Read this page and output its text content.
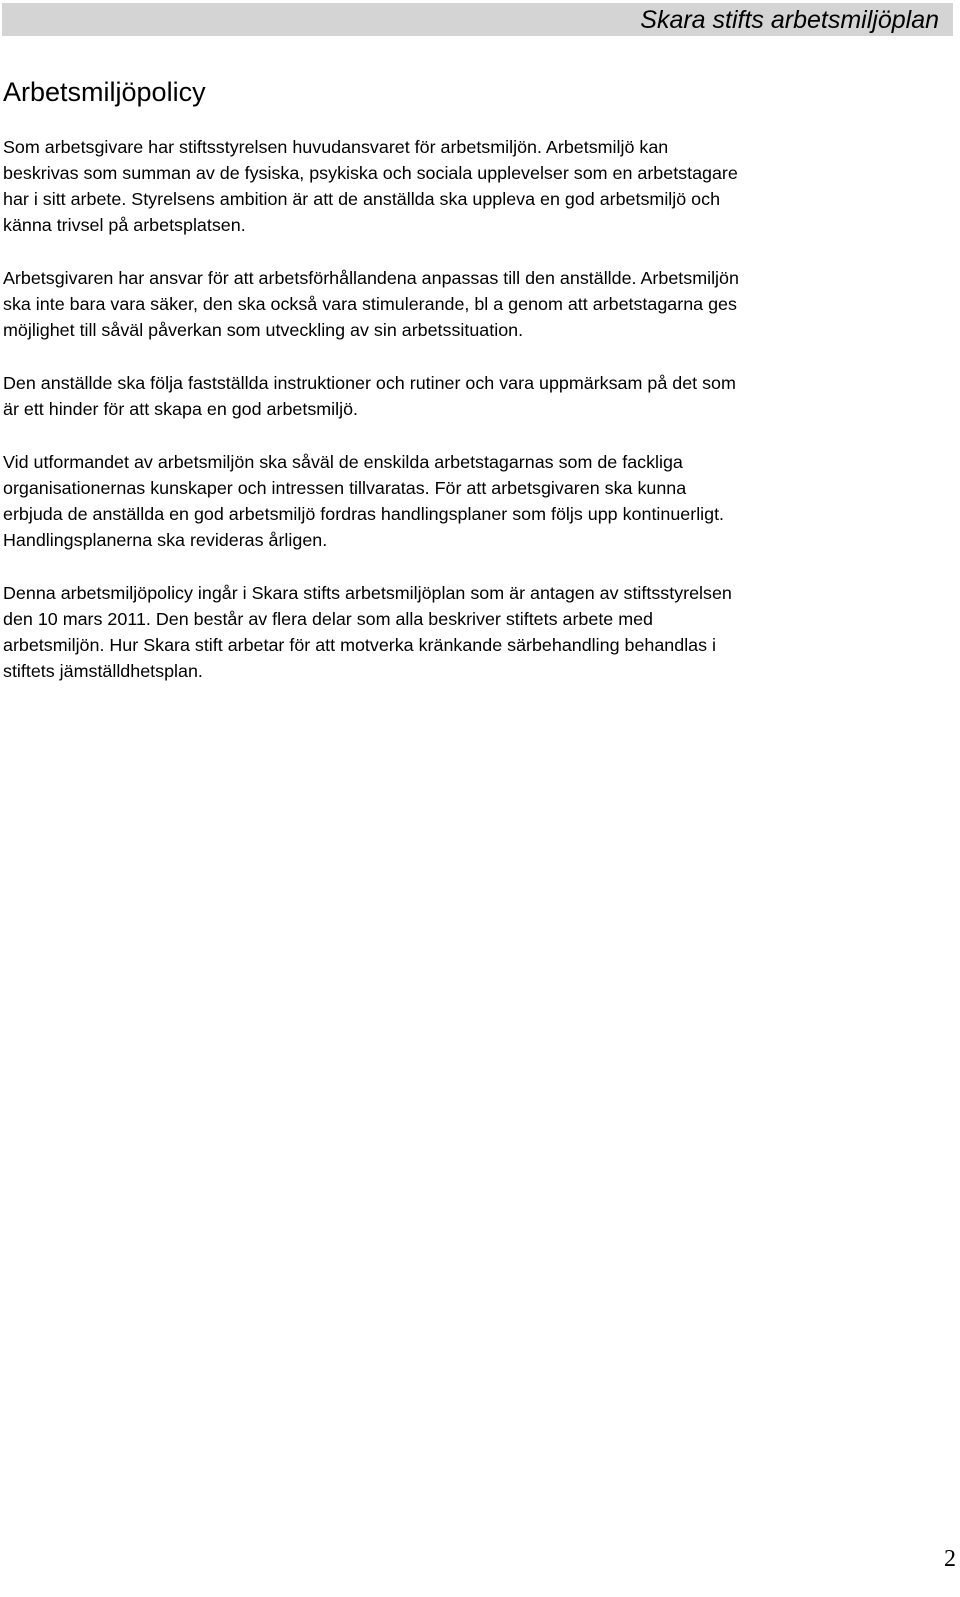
Skara stifts arbetsmiljöplan
Arbetsmiljöpolicy

Som arbetsgivare har stiftsstyrelsen huvudansvaret för arbetsmiljön. Arbetsmiljö kan
beskrivas som summan av de fysiska, psykiska och sociala upplevelser som en arbetstagare
har i sitt arbete. Styrelsens ambition är att de anställda ska uppleva en god arbetsmiljö och
känna trivsel på arbetsplatsen.

Arbetsgivaren har ansvar för att arbetsförhållandena anpassas till den anställde. Arbetsmiljön
ska inte bara vara säker, den ska också vara stimulerande, bl a genom att arbetstagarna ges
möjlighet till såväl påverkan som utveckling av sin arbetssituation.

Den anställde ska följa fastställda instruktioner och rutiner och vara uppmärksam på det som
är ett hinder för att skapa en god arbetsmiljö.

Vid utformandet av arbetsmiljön ska såväl de enskilda arbetstagarnas som de fackliga
organisationernas kunskaper och intressen tillvaratas. För att arbetsgivaren ska kunna
erbjuda de anställda en god arbetsmiljö fordras handlingsplaner som följs upp kontinuerligt.
Handlingsplanerna ska revideras årligen.

Denna arbetsmiljöpolicy ingår i Skara stifts arbetsmiljöplan som är antagen av stiftsstyrelsen
den 10 mars 2011. Den består av flera delar som alla beskriver stiftets arbete med
arbetsmiljön. Hur Skara stift arbetar för att motverka kränkande särbehandling behandlas i
stiftets jämställdhetsplan.

2
